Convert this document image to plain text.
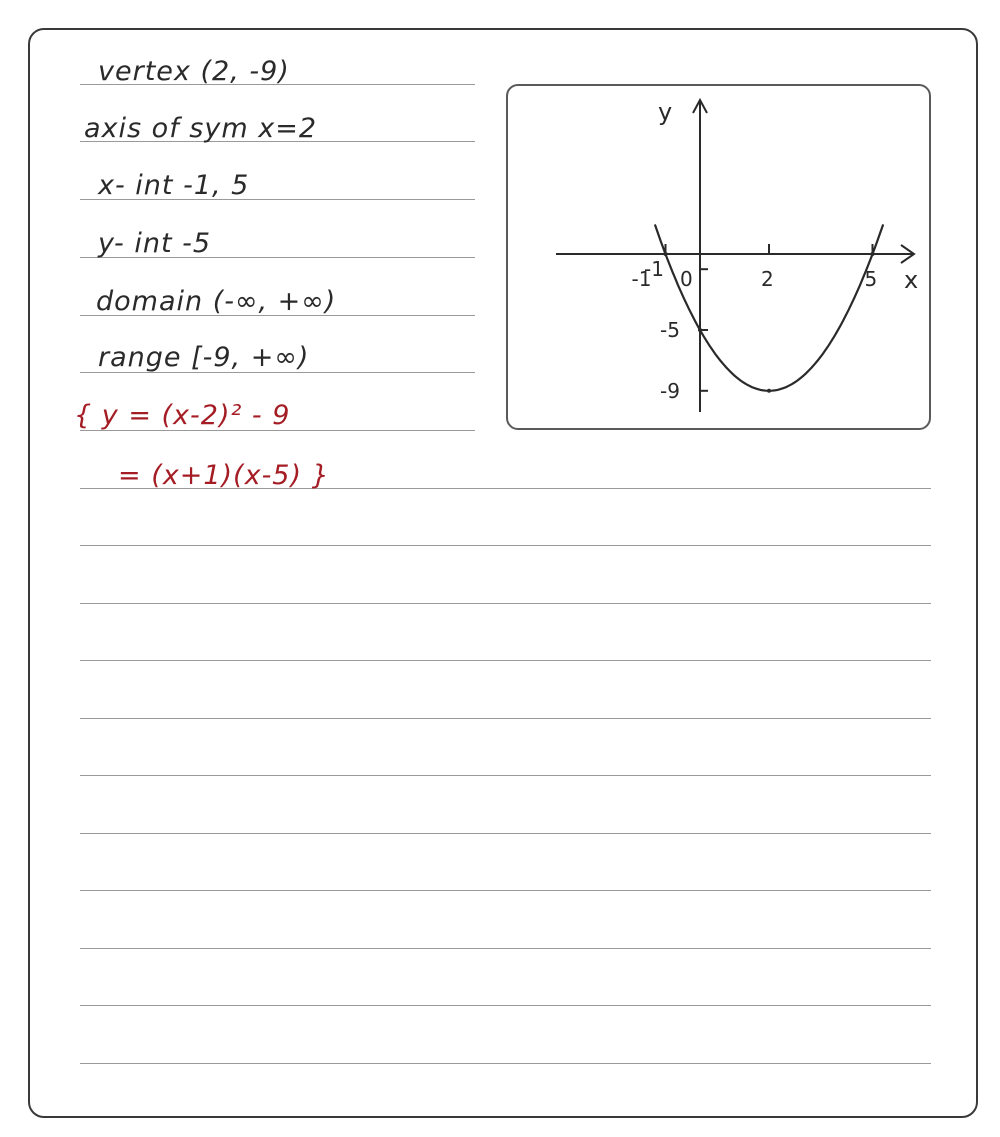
vertex (2, -9)
axis of sym x=2
x- int -1, 5
y- int -5
domain (-∞, +∞)
range [-9, +∞)
{ y = (x-2)² - 9
= (x+1)(x-5) }
x
y
-1 0	2	5
-1
-5
-9
